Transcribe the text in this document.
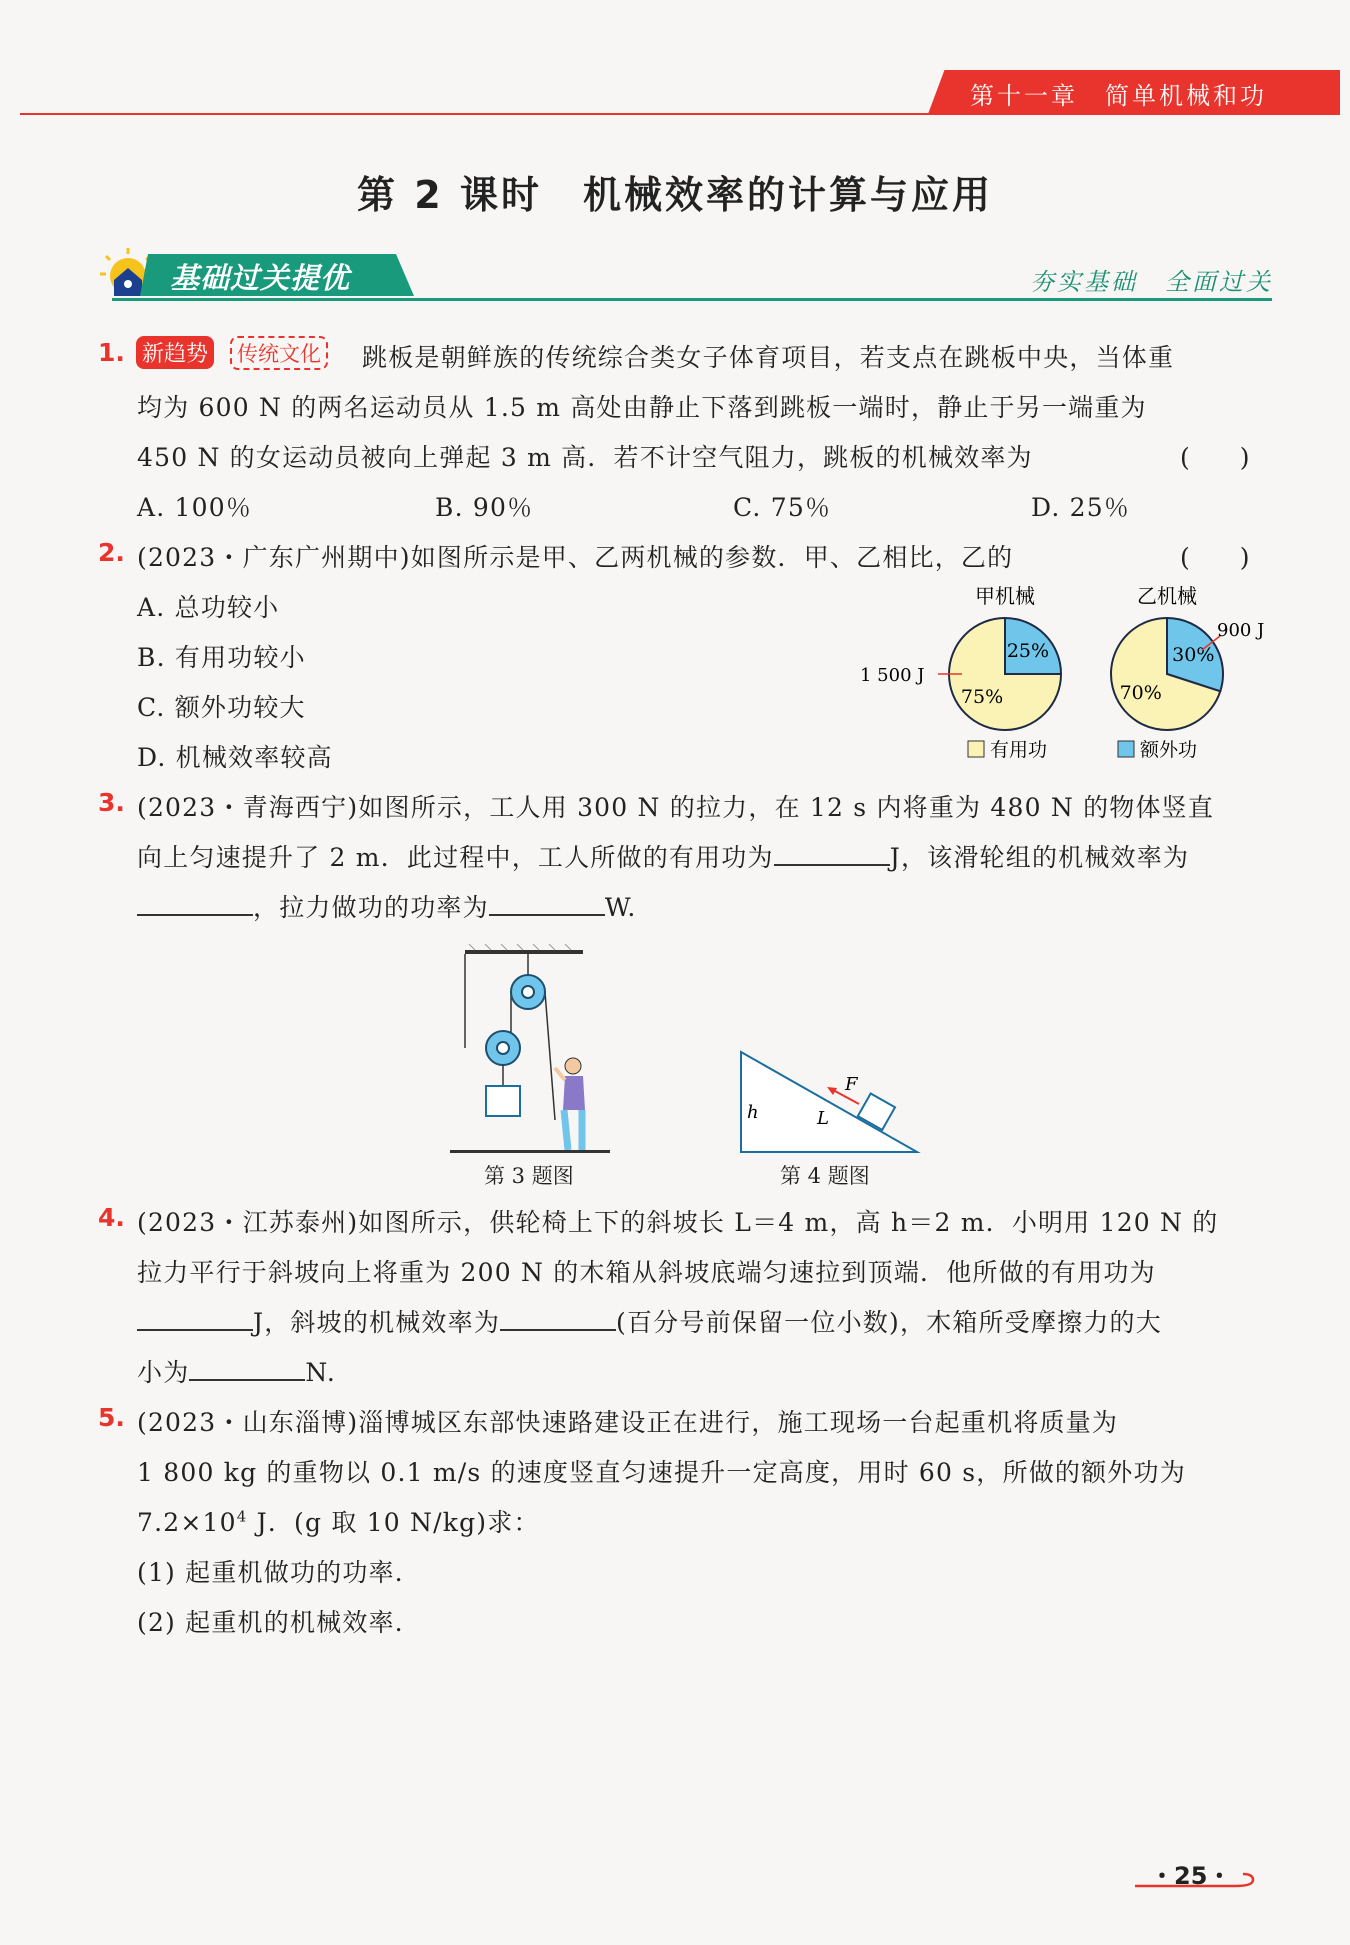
第十一章　简单机械和功
第 2 课时　机械效率的计算与应用
基础过关提优	夯实基础　全面过关
1. 新趋势	传统文化 跳板是朝鲜族的传统综合类女子体育项目，若支点在跳板中央，当体重
均为 600 N 的两名运动员从 1.5 m 高处由静止下落到跳板一端时，静止于另一端重为
450 N 的女运动员被向上弹起 3 m 高．若不计空气阻力，跳板的机械效率为	(　　)
A. 100％	B. 90％	C. 75％	D. 25％
2. (2023・广东广州期中)如图所示是甲、乙两机械的参数．甲、乙相比，乙的	(　　)
A. 总功较小
B. 有用功较小
C. 额外功较大
D. 机械效率较高
甲机械	乙机械
25%
75%
30%
70%
1 500 J
900 J
有用功	额外功
3. (2023・青海西宁)如图所示，工人用 300 N 的拉力，在 12 s 内将重为 480 N 的物体竖直
向上匀速提升了 2 m．此过程中，工人所做的有用功为	J，该滑轮组的机械效率为
，拉力做功的功率为	W.
第 3 题图
F
h	L
第 4 题图
4. (2023・江苏泰州)如图所示，供轮椅上下的斜坡长 L＝4 m，高 h＝2 m．小明用 120 N 的
拉力平行于斜坡向上将重为 200 N 的木箱从斜坡底端匀速拉到顶端．他所做的有用功为
J，斜坡的机械效率为	(百分号前保留一位小数)，木箱所受摩擦力的大
小为	N.
5. (2023・山东淄博)淄博城区东部快速路建设正在进行，施工现场一台起重机将质量为
1 800 kg 的重物以 0.1 m/s 的速度竖直匀速提升一定高度，用时 60 s，所做的额外功为
$7.2\times 10^4$ J．(g 取 10 N/kg)求：
(1) 起重机做功的功率．
(2) 起重机的机械效率．
・25・
